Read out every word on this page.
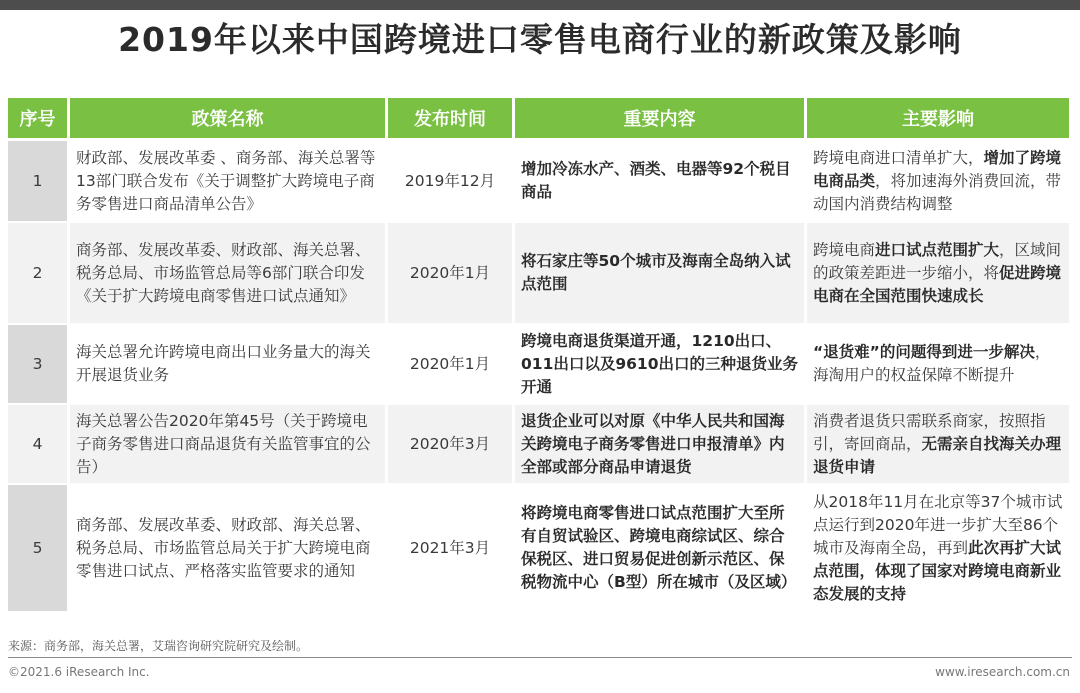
2019年以来中国跨境进口零售电商行业的新政策及影响
序号	政策名称	发布时间	重要内容	主要影响
1	财政部、发展改革委 、商务部、海关总署等13部门联合发布《关于调整扩大跨境电子商务零售进口商品清单公告》	2019年12月	增加冷冻水产、酒类、电器等92个税目商品	跨境电商进口清单扩大，增加了跨境电商品类，将加速海外消费回流，带动国内消费结构调整
2	商务部、发展改革委、财政部、海关总署、税务总局、市场监管总局等6部门联合印发《关于扩大跨境电商零售进口试点通知》	2020年1月	将石家庄等50个城市及海南全岛纳入试点范围	跨境电商进口试点范围扩大，区域间的政策差距进一步缩小，将促进跨境电商在全国范围快速成长
3	海关总署允许跨境电商出口业务量大的海关开展退货业务	2020年1月	跨境电商退货渠道开通，1210出口、011出口以及9610出口的三种退货业务开通	“退货难”的问题得到进一步解决，海淘用户的权益保障不断提升
4	海关总署公告2020年第45号（关于跨境电子商务零售进口商品退货有关监管事宜的公告）	2020年3月	退货企业可以对原《中华人民共和国海关跨境电子商务零售进口申报清单》内全部或部分商品申请退货	消费者退货只需联系商家，按照指引，寄回商品，无需亲自找海关办理退货申请
5	商务部、发展改革委、财政部、海关总署、税务总局、市场监管总局关于扩大跨境电商零售进口试点、严格落实监管要求的通知	2021年3月	将跨境电商零售进口试点范围扩大至所有自贸试验区、跨境电商综试区、综合保税区、进口贸易促进创新示范区、保税物流中心（B型）所在城市（及区域）	从2018年11月在北京等37个城市试点运行到2020年进一步扩大至86个城市及海南全岛，再到此次再扩大试点范围，体现了国家对跨境电商新业态发展的支持
来源：商务部，海关总署，艾瑞咨询研究院研究及绘制。
©2021.6 iResearch Inc.	www.iresearch.com.cn
